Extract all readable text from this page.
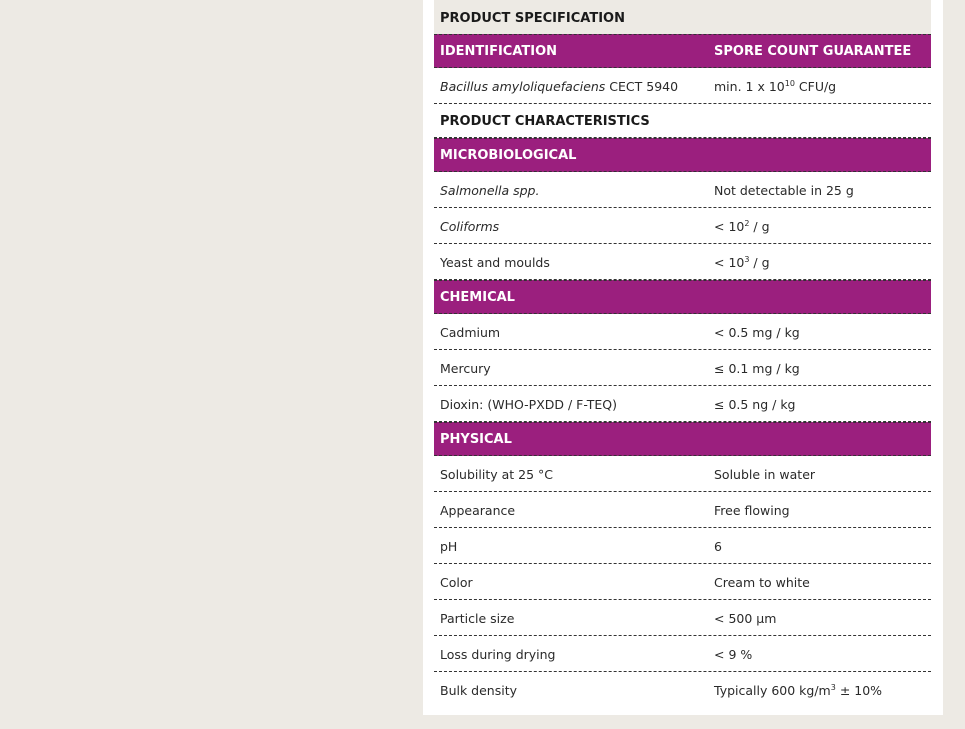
PRODUCT SPECIFICATION
IDENTIFICATION	SPORE COUNT GUARANTEE
Bacillus amyloliquefaciens CECT 5940	min. 1 x $10^{10}$ CFU/g
PRODUCT CHARACTERISTICS
MICROBIOLOGICAL
Salmonella spp.	Not detectable in 25 g
Coliforms	< $10^2$ / g
Yeast and moulds	< $10^3$ / g
CHEMICAL
Cadmium	< 0.5 mg / kg
Mercury	≤ 0.1 mg / kg
Dioxin: (WHO-PXDD / F-TEQ)	≤ 0.5 ng / kg
PHYSICAL
Solubility at 25 °C	Soluble in water
Appearance	Free flowing
pH	6
Color	Cream to white
Particle size	< 500 µm
Loss during drying	< 9 %
Bulk density	Typically 600 $kg/m^3 \pm 10\%$
